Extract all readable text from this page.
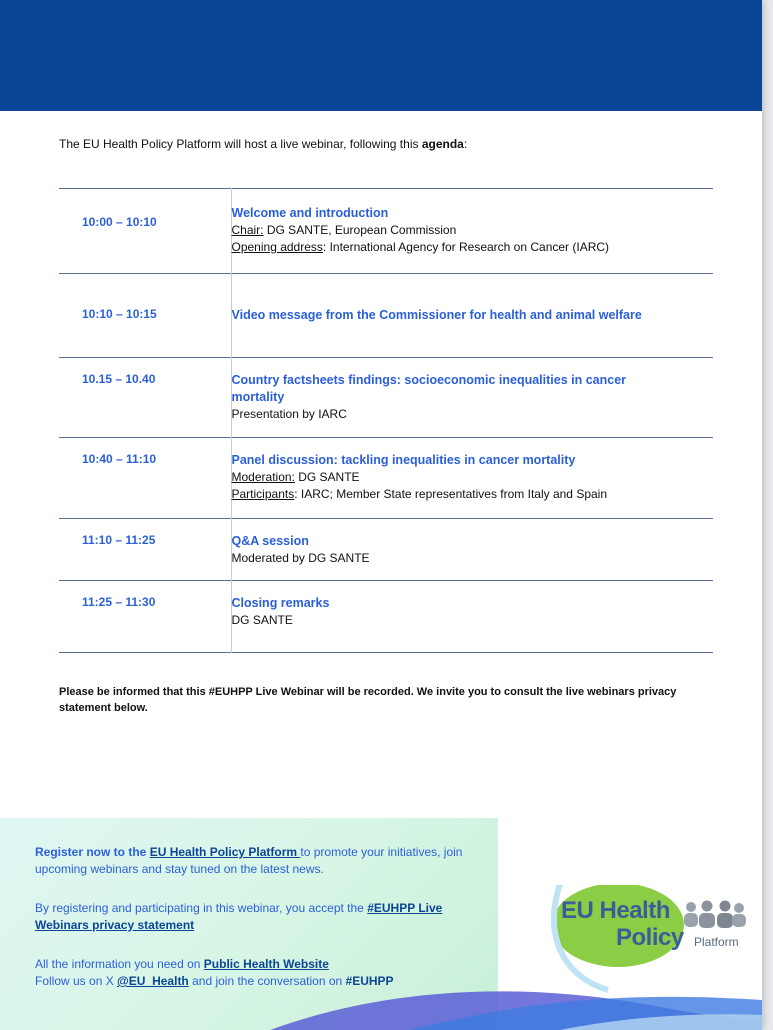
The EU Health Policy Platform will host a live webinar, following this agenda:
10:00 – 10:10	Welcome and introduction
Chair: DG SANTE, European Commission
Opening address: International Agency for Research on Cancer (IARC)

10:10 – 10:15	Video message from the Commissioner for health and animal welfare

10.15 – 10.40	Country factsheets findings: socioeconomic inequalities in cancer mortality
Presentation by IARC

10:40 – 11:10	Panel discussion: tackling inequalities in cancer mortality
Moderation: DG SANTE
Participants: IARC; Member State representatives from Italy and Spain

11:10 – 11:25	Q&A session
Moderated by DG SANTE

11:25 – 11:30	Closing remarks
DG SANTE
Please be informed that this #EUHPP Live Webinar will be recorded. We invite you to consult the live webinars privacy statement below.
Register now to the EU Health Policy Platform to promote your initiatives, join upcoming webinars and stay tuned on the latest news.
By registering and participating in this webinar, you accept the #EUHPP Live Webinars privacy statement
All the information you need on Public Health Website
Follow us on X @EU_Health and join the conversation on #EUHPP
EU Health
Policy Platform
